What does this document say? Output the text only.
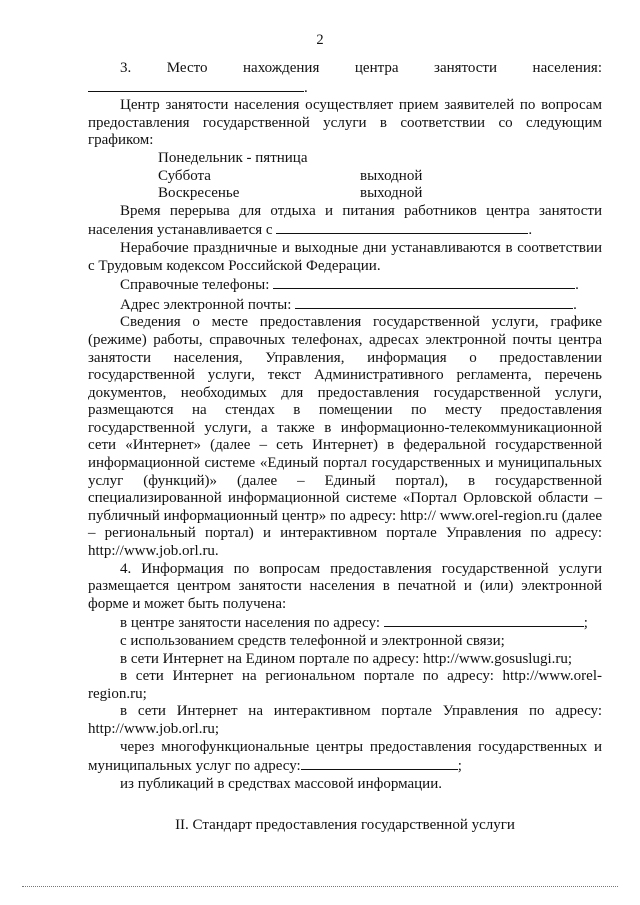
2

3. Место нахождения центра занятости населения:

.

Центр занятости населения осуществляет прием заявителей по вопросам предоставления государственной услуги в соответствии со следующим графиком:

Понедельник - пятница
Суббота	выходной
Воскресенье	выходной

Время перерыва для отдыха и питания работников центра занятости населения устанавливается с	.

Нерабочие праздничные и выходные дни устанавливаются в соответствии с Трудовым кодексом Российской Федерации.

Справочные телефоны:	.

Адрес электронной почты:	.

Сведения о месте предоставления государственной услуги, графике (режиме) работы, справочных телефонах, адресах электронной почты центра занятости населения, Управления, информация о предоставлении государственной услуги, текст Административного регламента, перечень документов, необходимых для предоставления государственной услуги, размещаются на стендах в помещении по месту предоставления государственной услуги, а также в информационно-телекоммуникационной сети «Интернет» (далее – сеть Интернет) в федеральной государственной информационной системе «Единый портал государственных и муниципальных услуг (функций)» (далее – Единый портал), в государственной специализированной информационной системе «Портал Орловской области – публичный информационный центр» по адресу: http:// www.orel-region.ru (далее – региональный портал) и интерактивном портале Управления по адресу: http://www.job.orl.ru.

4. Информация по вопросам предоставления государственной услуги размещается центром занятости населения в печатной и (или) электронной форме и может быть получена:

в центре занятости населения по адресу:	;

с использованием средств телефонной и электронной связи;

в сети Интернет на Едином портале по адресу: http://www.gosuslugi.ru;

в сети Интернет на региональном портале по адресу: http://www.orel-region.ru;

в сети Интернет на интерактивном портале Управления по адресу: http://www.job.orl.ru;

через многофункциональные центры предоставления государственных и муниципальных услуг по адресу:	;

из публикаций в средствах массовой информации.

II. Стандарт предоставления государственной услуги
